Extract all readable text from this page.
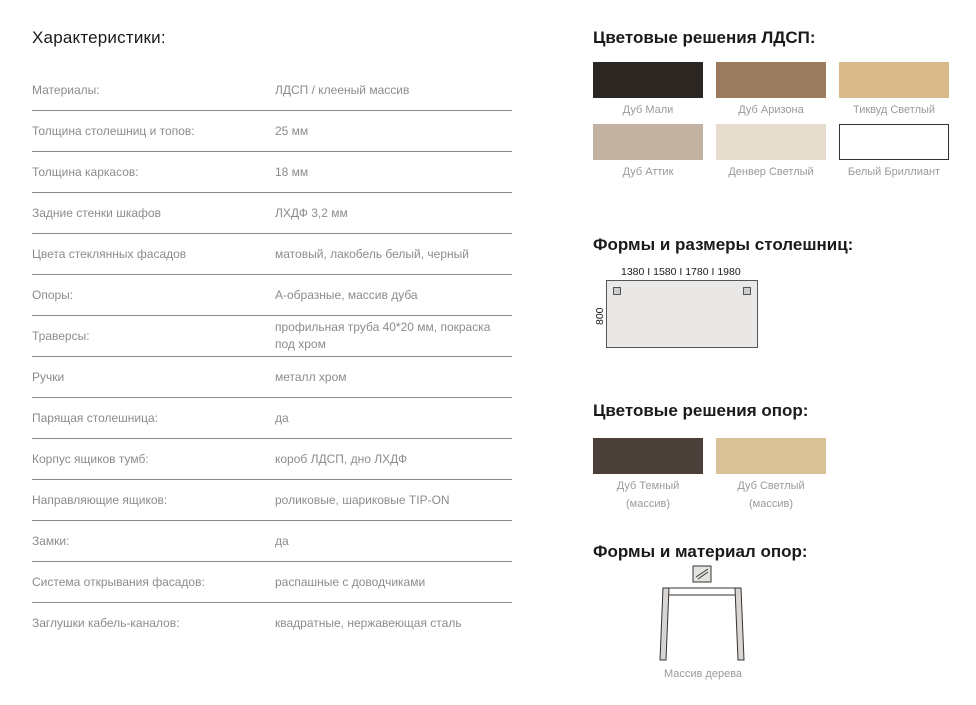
Характеристики:
Материалы:	ЛДСП / клееный массив
Толщина столешниц и топов:	25 мм
Толщина каркасов:	18 мм
Задние стенки шкафов	ЛХДФ 3,2 мм
Цвета стеклянных фасадов	матовый, лакобель белый, черный
Опоры:	А-образные, массив дуба
Траверсы:
профильная труба 40*20 мм, покраска под хром
Ручки	металл хром
Парящая столешница:	да
Корпус ящиков тумб:	короб ЛДСП, дно ЛХДФ
Направляющие ящиков:	роликовые, шариковые TIP-ON
Замки:	да
Система открывания фасадов:	распашные с доводчиками
Заглушки кабель-каналов:	квадратные, нержавеющая сталь
Цветовые решения ЛДСП:
Дуб Мали	Дуб Аризона	Тиквуд Светлый
Дуб Аттик	Денвер Светлый	Белый Бриллиант
Формы и размеры столешниц:
1380 I 1580 I 1780 I 1980
800
Цветовые решения опор:
Дуб Темный
(массив)
Дуб Светлый
(массив)
Формы и материал опор:
Массив дерева
